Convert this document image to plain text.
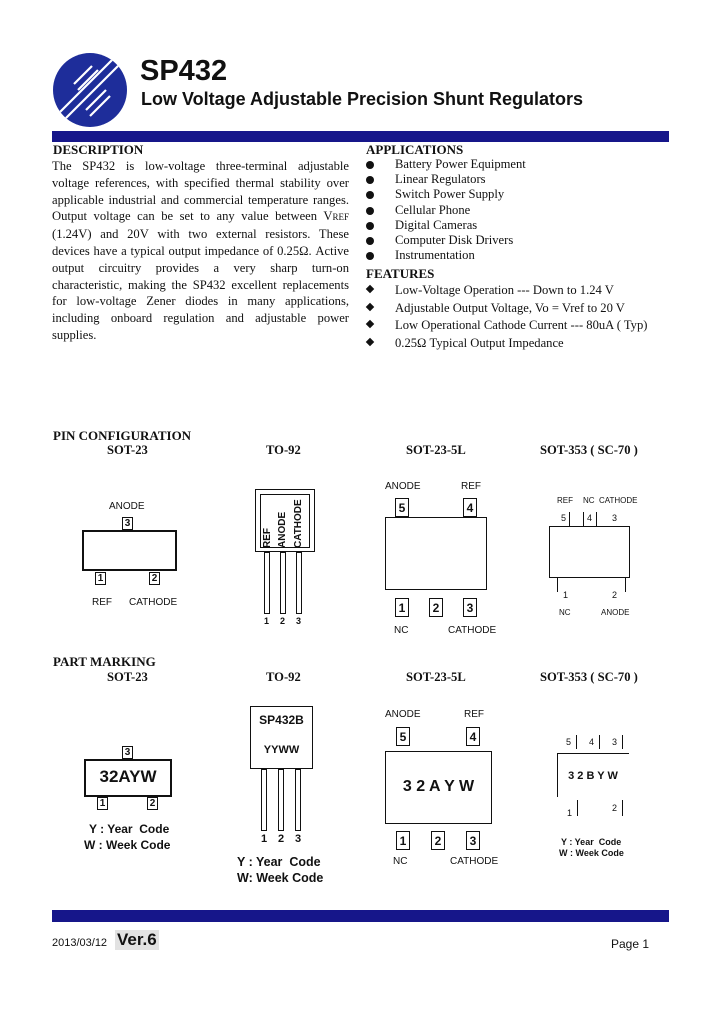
SP432
Low Voltage Adjustable Precision Shunt Regulators
DESCRIPTION
The SP432 is low-voltage three-terminal adjustable voltage references, with specified thermal stability over applicable industrial and commercial temperature ranges. Output voltage can be set to any value between VREF (1.24V) and 20V with two external resistors. These devices have a typical output impedance of 0.25Ω. Active output circuitry provides a very sharp turn-on characteristic, making the SP432 excellent replacements for low-voltage Zener diodes in many applications, including onboard regulation and adjustable power supplies.
APPLICATIONS
Battery Power Equipment
Linear Regulators
Switch Power Supply
Cellular Phone
Digital Cameras
Computer Disk Drivers
Instrumentation
FEATURES
Low-Voltage Operation --- Down to 1.24 V
Adjustable Output Voltage, Vo = Vref to 20 V
Low Operational Cathode Current --- 80uA ( Typ)
0.25Ω Typical Output Impedance
PIN CONFIGURATION
SOT-23
ANODE
3
1	2
REF CATHODE
TO-92
REF ANODE CATHODE
1 2 3
SOT-23-5L
ANODE	REF
5	4
1	2	3
NC	CATHODE
SOT-353 ( SC-70 )
REF NC CATHODE
5 4 3
1	2
NC	ANODE
PART MARKING
SOT-23
3
32AYW
1	2
Y : Year  Code
W : Week Code
TO-92
SP432B
YYWW
1 2 3
Y : Year  Code
W: Week Code
SOT-23-5L
ANODE	REF
5	4
3 2 A Y W
1	2	3
NC	CATHODE
SOT-353 ( SC-70 )
5 4 3
3 2 B Y W
1	2
Y : Year  Code
W : Week Code
2013/03/12 Ver.6	Page 1
